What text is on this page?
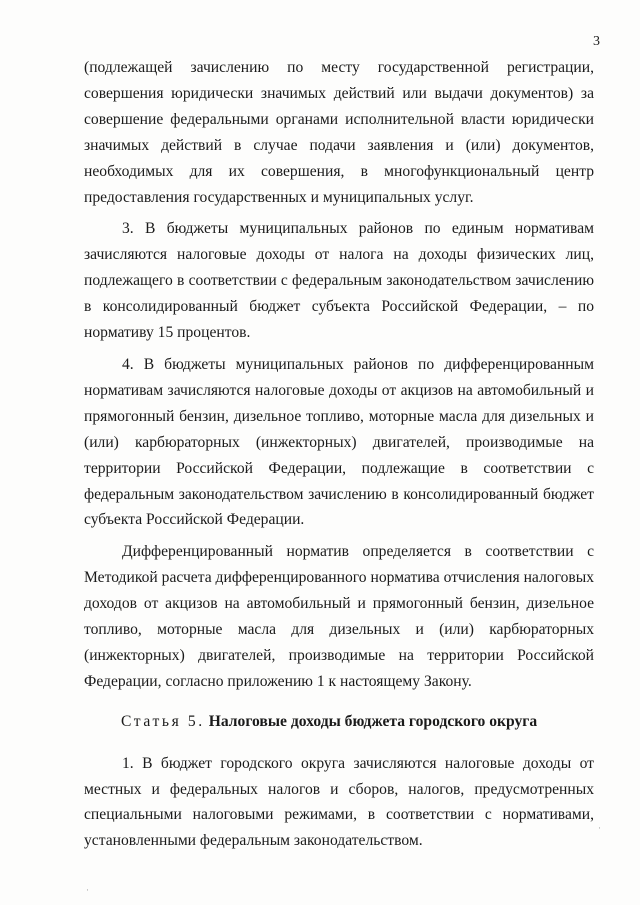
3

(подлежащей зачислению по месту государственной регистрации, совершения юридически значимых действий или выдачи документов) за совершение федеральными органами исполнительной власти юридически значимых действий в случае подачи заявления и (или) документов, необходимых для их совершения, в многофункциональный центр предоставления государственных и муниципальных услуг.

3. В бюджеты муниципальных районов по единым нормативам зачисляются налоговые доходы от налога на доходы физических лиц, подлежащего в соответствии с федеральным законодательством зачислению в консолидированный бюджет субъекта Российской Федерации, – по нормативу 15 процентов.

4. В бюджеты муниципальных районов по дифференцированным нормативам зачисляются налоговые доходы от акцизов на автомобильный и прямогонный бензин, дизельное топливо, моторные масла для дизельных и (или) карбюраторных (инжекторных) двигателей, производимые на территории Российской Федерации, подлежащие в соответствии с федеральным законодательством зачислению в консолидированный бюджет субъекта Российской Федерации.

Дифференцированный норматив определяется в соответствии с Методикой расчета дифференцированного норматива отчисления налоговых доходов от акцизов на автомобильный и прямогонный бензин, дизельное топливо, моторные масла для дизельных и (или) карбюраторных (инжекторных) двигателей, производимые на территории Российской Федерации, согласно приложению 1 к настоящему Закону.

Статья 5. Налоговые доходы бюджета городского округа

1. В бюджет городского округа зачисляются налоговые доходы от местных и федеральных налогов и сборов, налогов, предусмотренных специальными налоговыми режимами, в соответствии с нормативами, установленными федеральным законодательством.

·
·
